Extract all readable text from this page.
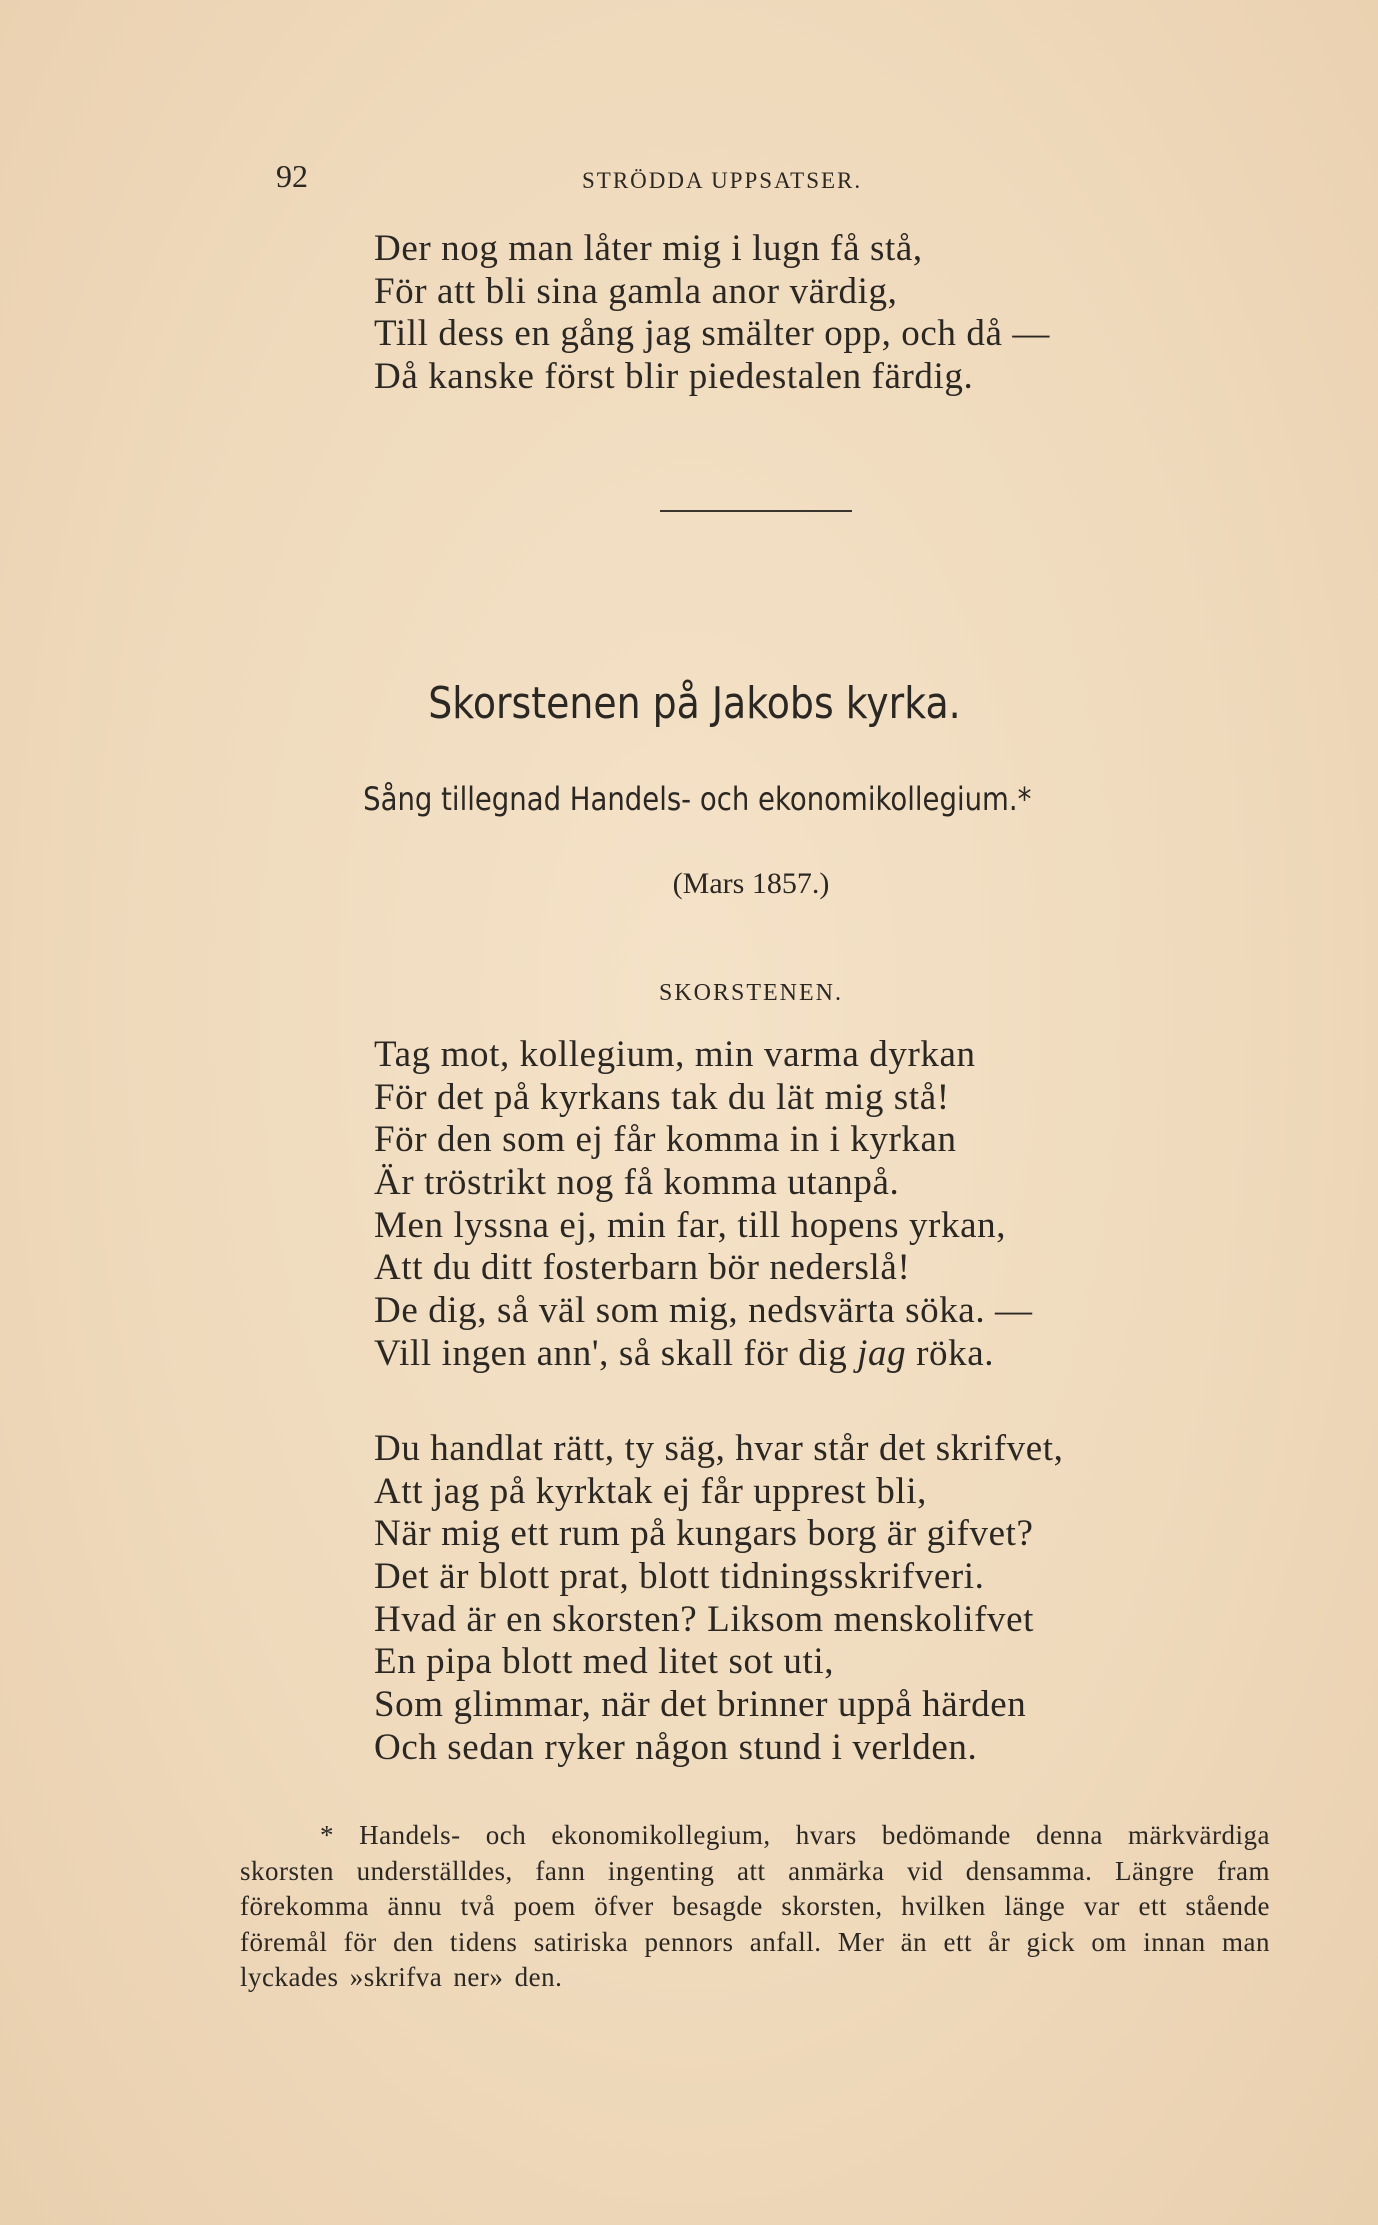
92	STRÖDDA UPPSATSER.
Der nog man låter mig i lugn få stå,
För att bli sina gamla anor värdig,
Till dess en gång jag smälter opp, och då —
Då kanske först blir piedestalen färdig.
Skorstenen på Jakobs kyrka.
Sång tillegnad Handels- och ekonomikollegium.*
(Mars 1857.)
SKORSTENEN.
Tag mot, kollegium, min varma dyrkan
För det på kyrkans tak du lät mig stå!
För den som ej får komma in i kyrkan
Är tröstrikt nog få komma utanpå.
Men lyssna ej, min far, till hopens yrkan,
Att du ditt fosterbarn bör nederslå!
De dig, så väl som mig, nedsvärta söka. —
Vill ingen ann', så skall för dig jag röka.
Du handlat rätt, ty säg, hvar står det skrifvet,
Att jag på kyrktak ej får upprest bli,
När mig ett rum på kungars borg är gifvet?
Det är blott prat, blott tidningsskrifveri.
Hvad är en skorsten? Liksom menskolifvet
En pipa blott med litet sot uti,
Som glimmar, när det brinner uppå härden
Och sedan ryker någon stund i verlden.

* Handels- och ekonomikollegium, hvars bedömande denna märkvärdiga skorsten underställdes, fann ingenting att anmärka vid densamma. Längre fram förekomma ännu två poem öfver besagde skorsten, hvilken länge var ett stående föremål för den tidens satiriska pennors anfall. Mer än ett år gick om innan man lyckades »skrifva ner» den.
